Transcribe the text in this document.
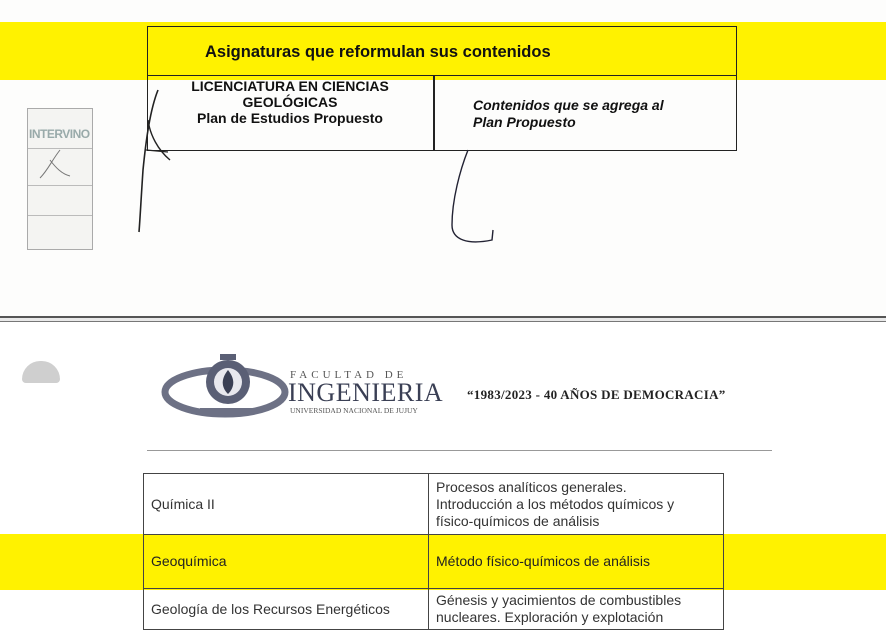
Asignaturas que reformulan sus contenidos
LICENCIATURA EN CIENCIAS
GEOLÓGICAS
Plan de Estudios Propuesto
Contenidos que se agrega al
Plan Propuesto
INTERVINO
FACULTAD DE
INGENIERIA
UNIVERSIDAD NACIONAL DE JUJUY
“1983/2023 - 40 AÑOS DE DEMOCRACIA”
Química II	Procesos analíticos generales.
Introducción a los métodos químicos y
físico-químicos de análisis

Geoquímica	Método físico-químicos de análisis

Geología de los Recursos Energéticos	Génesis y yacimientos de combustibles
nucleares. Exploración y explotación
